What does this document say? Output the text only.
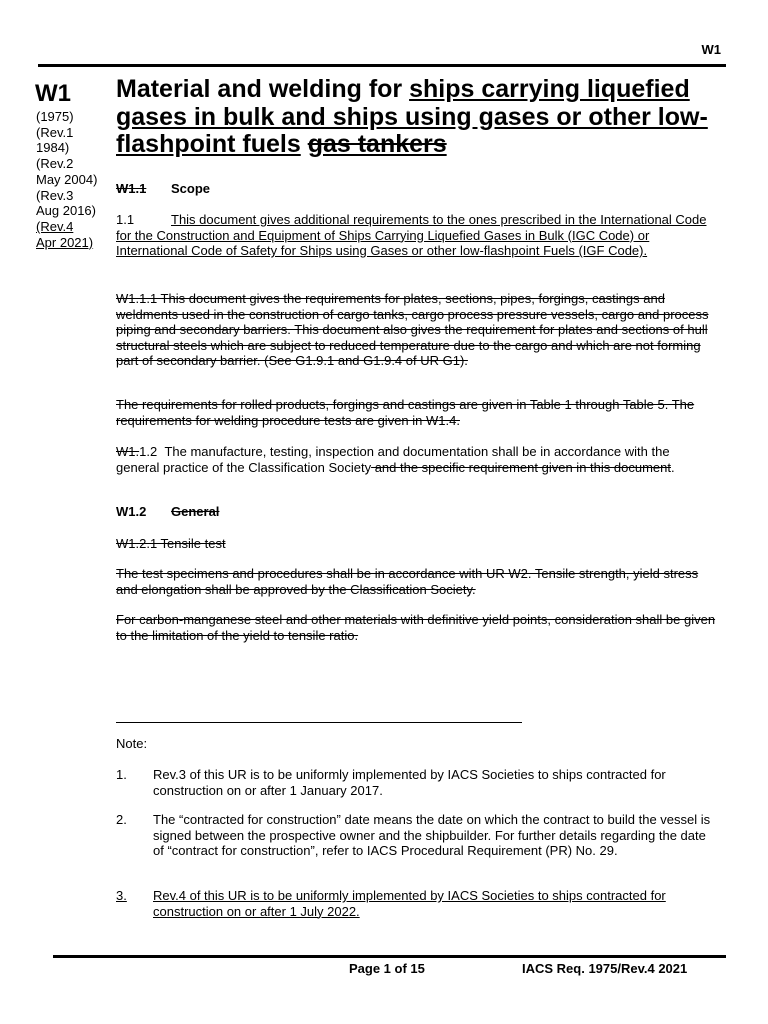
W1
W1
(1975)
(Rev.1
1984)
(Rev.2
May 2004)
(Rev.3
Aug 2016)
(Rev.4
Apr 2021)
Material and welding for ships carrying liquefied gases in bulk and ships using gases or other low-flashpoint fuels gas tankers
W1.1 Scope

1.1	This document gives additional requirements to the ones prescribed in the International Code for the Construction and Equipment of Ships Carrying Liquefied Gases in Bulk (IGC Code) or International Code of Safety for Ships using Gases or other low-flashpoint Fuels (IGF Code).

W1.1.1 This document gives the requirements for plates, sections, pipes, forgings, castings and weldments used in the construction of cargo tanks, cargo process pressure vessels, cargo and process piping and secondary barriers. This document also gives the requirement for plates and sections of hull structural steels which are subject to reduced temperature due to the cargo and which are not forming part of secondary barrier. (See G1.9.1 and G1.9.4 of UR G1).

The requirements for rolled products, forgings and castings are given in Table 1 through Table 5. The requirements for welding procedure tests are given in W1.4.

W1.1.2 The manufacture, testing, inspection and documentation shall be in accordance with the general practice of the Classification Society and the specific requirement given in this document.

W1.2 General
W1.2.1 Tensile test

The test specimens and procedures shall be in accordance with UR W2. Tensile strength, yield stress and elongation shall be approved by the Classification Society.

For carbon-manganese steel and other materials with definitive yield points, consideration shall be given to the limitation of the yield to tensile ratio.

Note:
1. Rev.3 of this UR is to be uniformly implemented by IACS Societies to ships contracted for construction on or after 1 January 2017.
2. The “contracted for construction” date means the date on which the contract to build the vessel is signed between the prospective owner and the shipbuilder. For further details regarding the date of “contract for construction”, refer to IACS Procedural Requirement (PR) No. 29.
3. Rev.4 of this UR is to be uniformly implemented by IACS Societies to ships contracted for construction on or after 1 July 2022.
Page 1 of 15	IACS Req. 1975/Rev.4 2021
